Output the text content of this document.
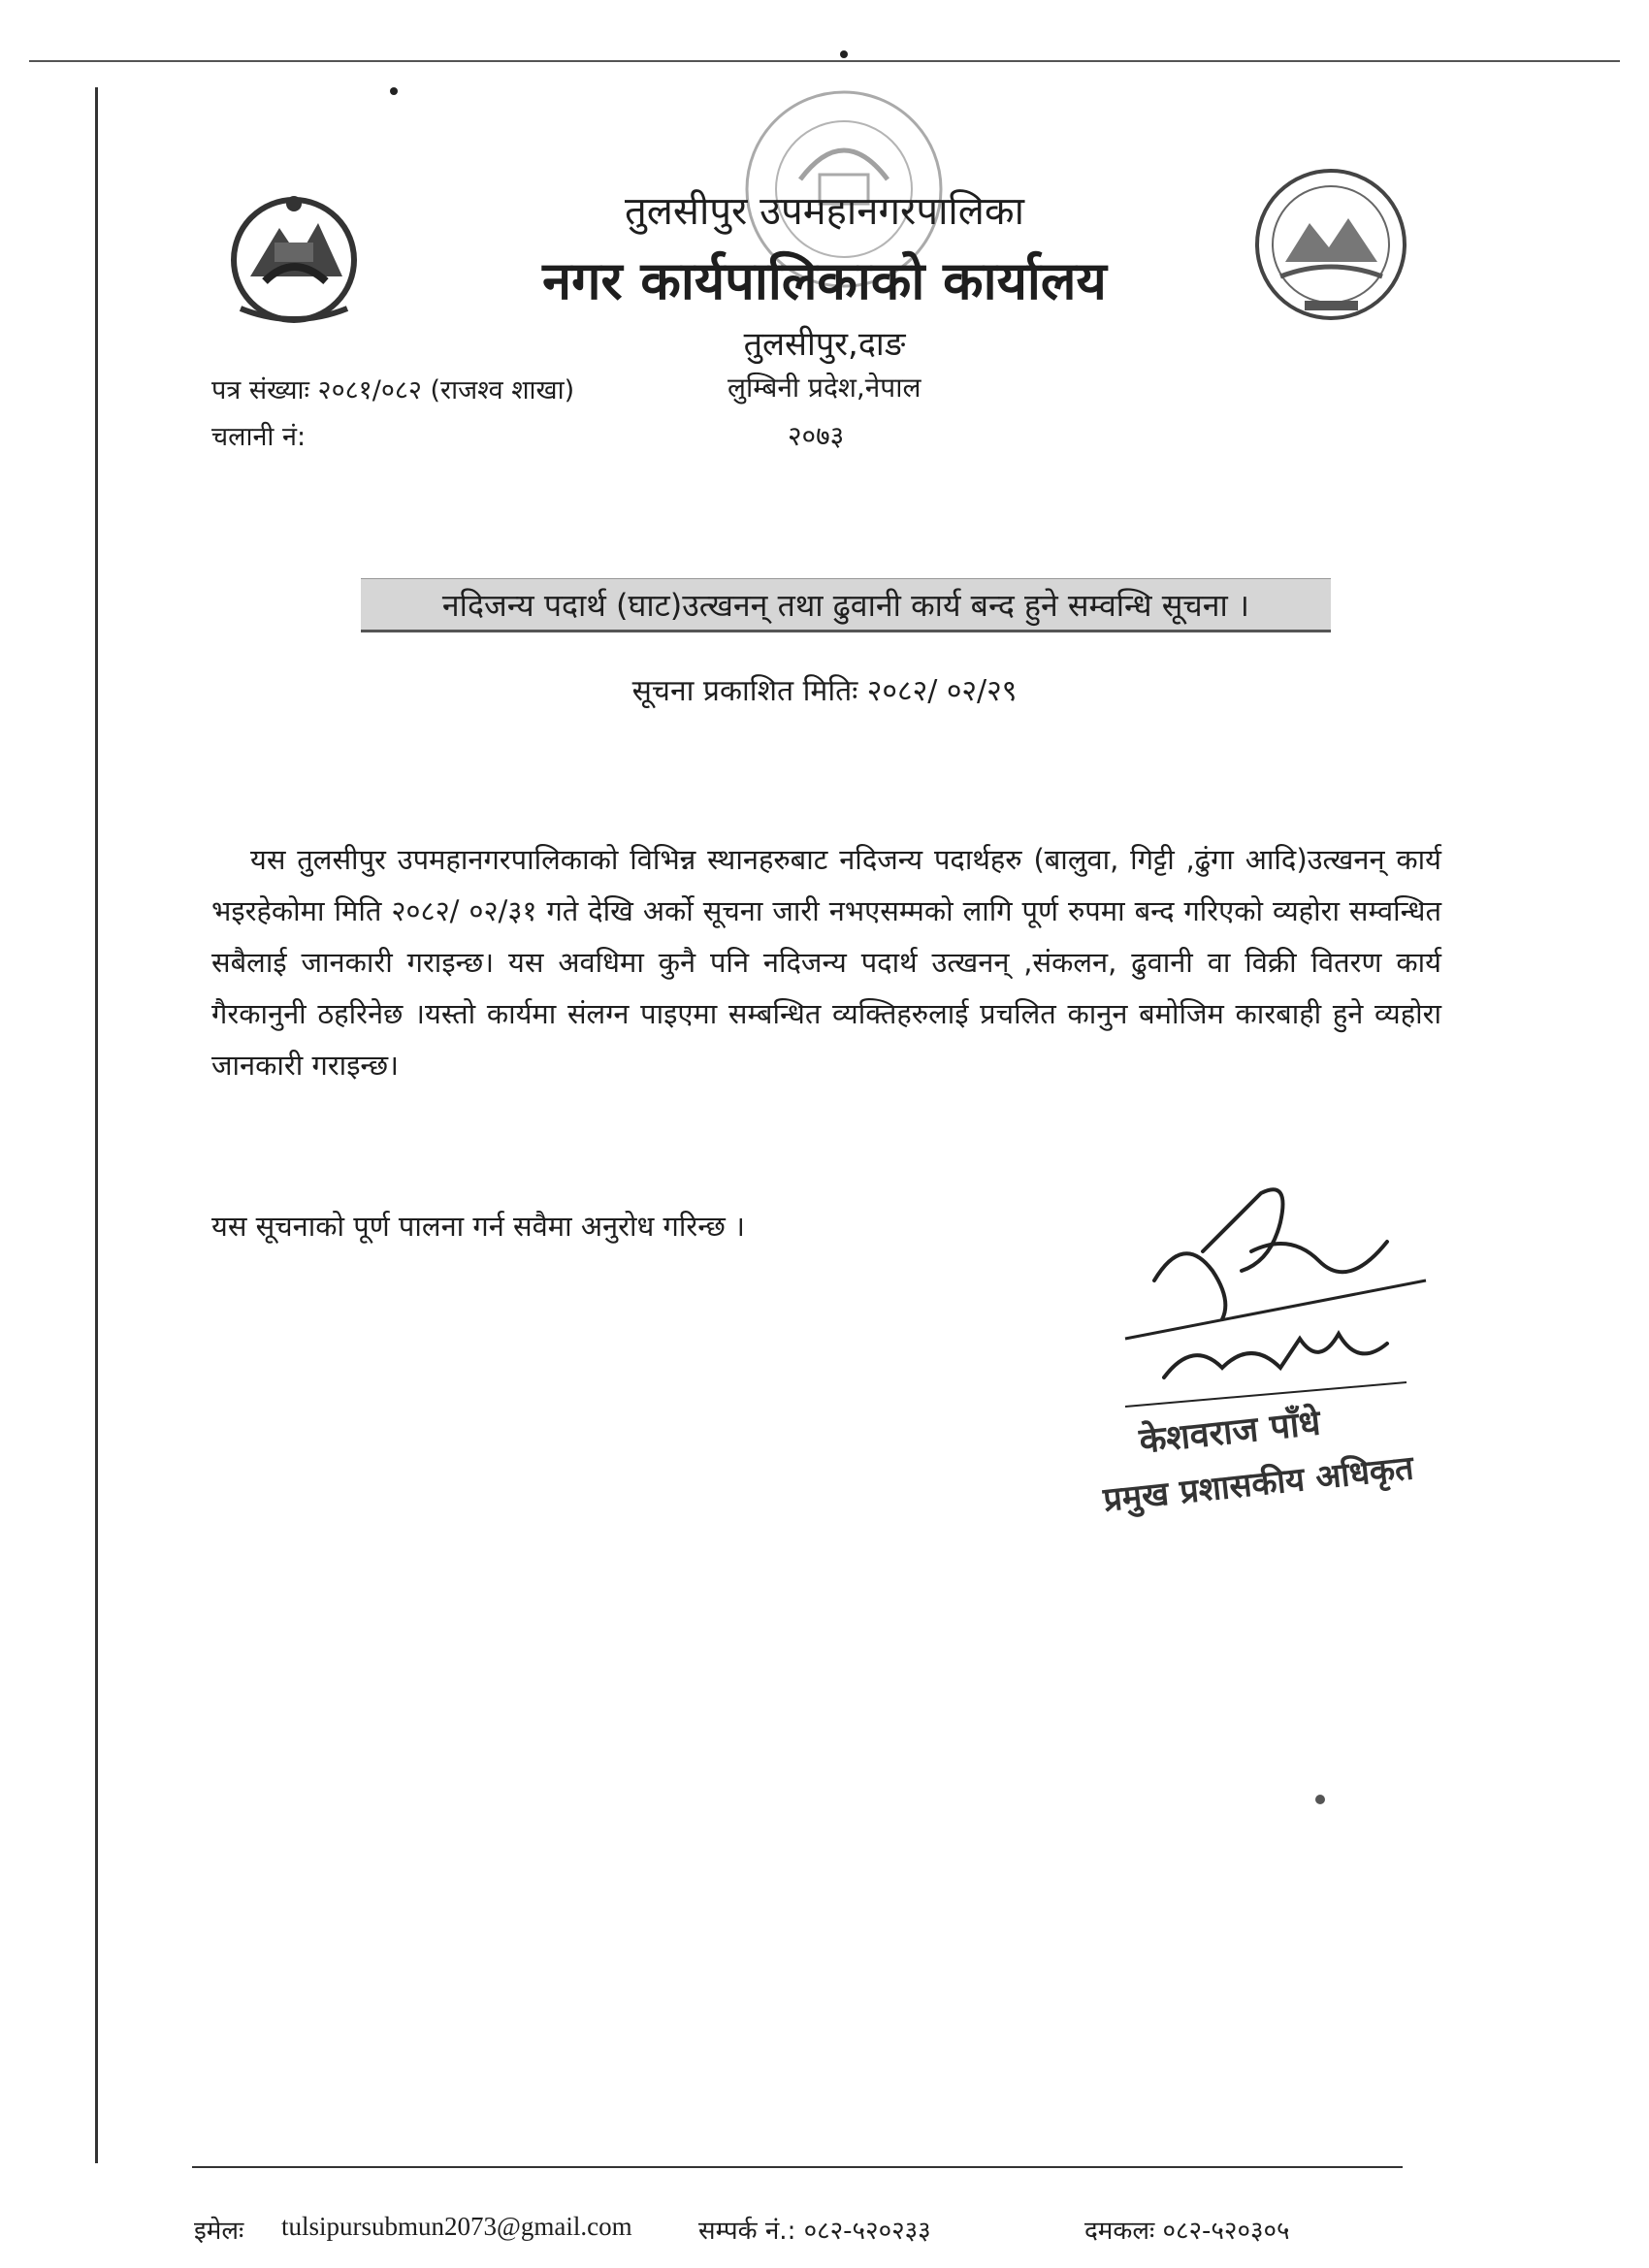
तुलसीपुर उपमहानगरपालिका
नगर कार्यपालिकाको कार्यालय
तुलसीपुर,दाङ
लुम्बिनी प्रदेश,नेपाल
२०७३
पत्र संख्याः २०८१/०८२ (राजश्व शाखा)
चलानी नं:
नदिजन्य पदार्थ (घाट)उत्खनन् तथा ढुवानी कार्य बन्द हुने सम्वन्धि सूचना ।
सूचना प्रकाशित मितिः २०८२/ ०२/२९
यस तुलसीपुर उपमहानगरपालिकाको विभिन्न स्थानहरुबाट नदिजन्य पदार्थहरु (बालुवा, गिट्टी ,ढुंगा आदि)उत्खनन् कार्य भइरहेकोमा मिति २०८२/ ०२/३१ गते देखि अर्को सूचना जारी नभएसम्मको लागि पूर्ण रुपमा बन्द गरिएको व्यहोरा सम्वन्धित सबैलाई जानकारी गराइन्छ। यस अवधिमा कुनै पनि नदिजन्य पदार्थ उत्खनन् ,संकलन, ढुवानी वा विक्री वितरण कार्य गैरकानुनी ठहरिनेछ ।यस्तो कार्यमा संलग्न पाइएमा सम्बन्धित व्यक्तिहरुलाई प्रचलित कानुन बमोजिम कारबाही हुने व्यहोरा जानकारी गराइन्छ।
यस सूचनाको पूर्ण पालना गर्न सवैमा अनुरोध गरिन्छ ।
केशवराज पाँधे
प्रमुख प्रशासकीय अधिकृत
इमेलः tulsipursubmun2073@gmail.com	सम्पर्क नं.: ०८२-५२०२३३	दमकलः ०८२-५२०३०५
